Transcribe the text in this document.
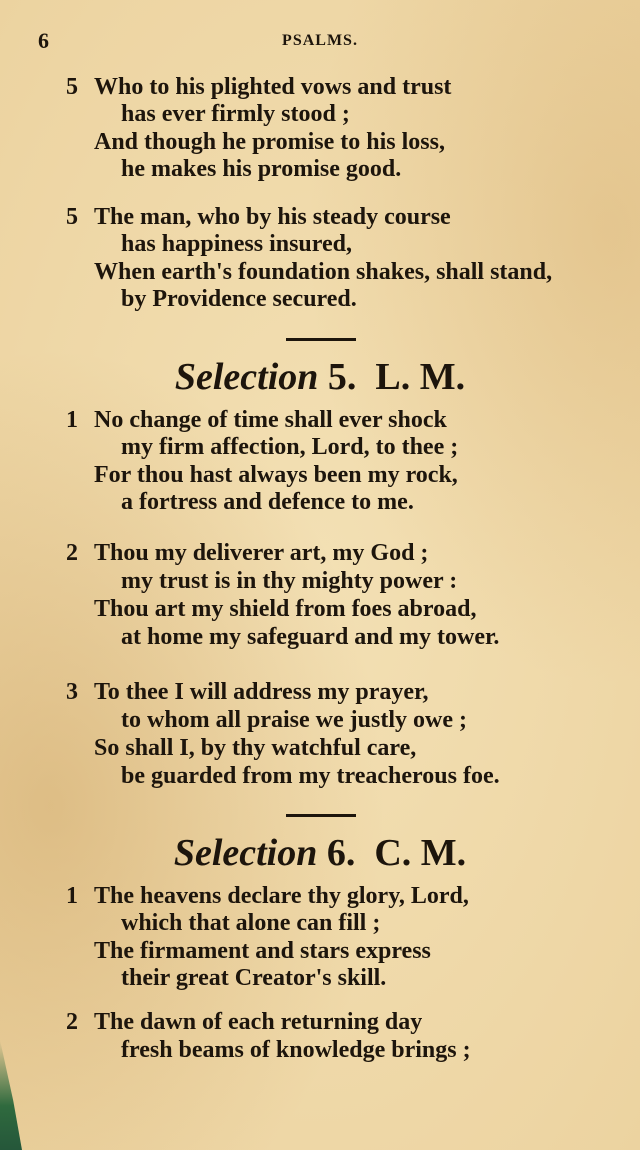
6	PSALMS.
5 Who to his plighted vows and trust
has ever firmly stood ;
And though he promise to his loss,
he makes his promise good.
5 The man, who by his steady course
has happiness insured,
When earth's foundation shakes, shall stand,
by Providence secured.
Selection 5. L. M.
1 No change of time shall ever shock
my firm affection, Lord, to thee ;
For thou hast always been my rock,
a fortress and defence to me.
2 Thou my deliverer art, my God ;
my trust is in thy mighty power :
Thou art my shield from foes abroad,
at home my safeguard and my tower.
3 To thee I will address my prayer,
to whom all praise we justly owe ;
So shall I, by thy watchful care,
be guarded from my treacherous foe.
Selection 6. C. M.
1 The heavens declare thy glory, Lord,
which that alone can fill ;
The firmament and stars express
their great Creator's skill.
2 The dawn of each returning day
fresh beams of knowledge brings ;
